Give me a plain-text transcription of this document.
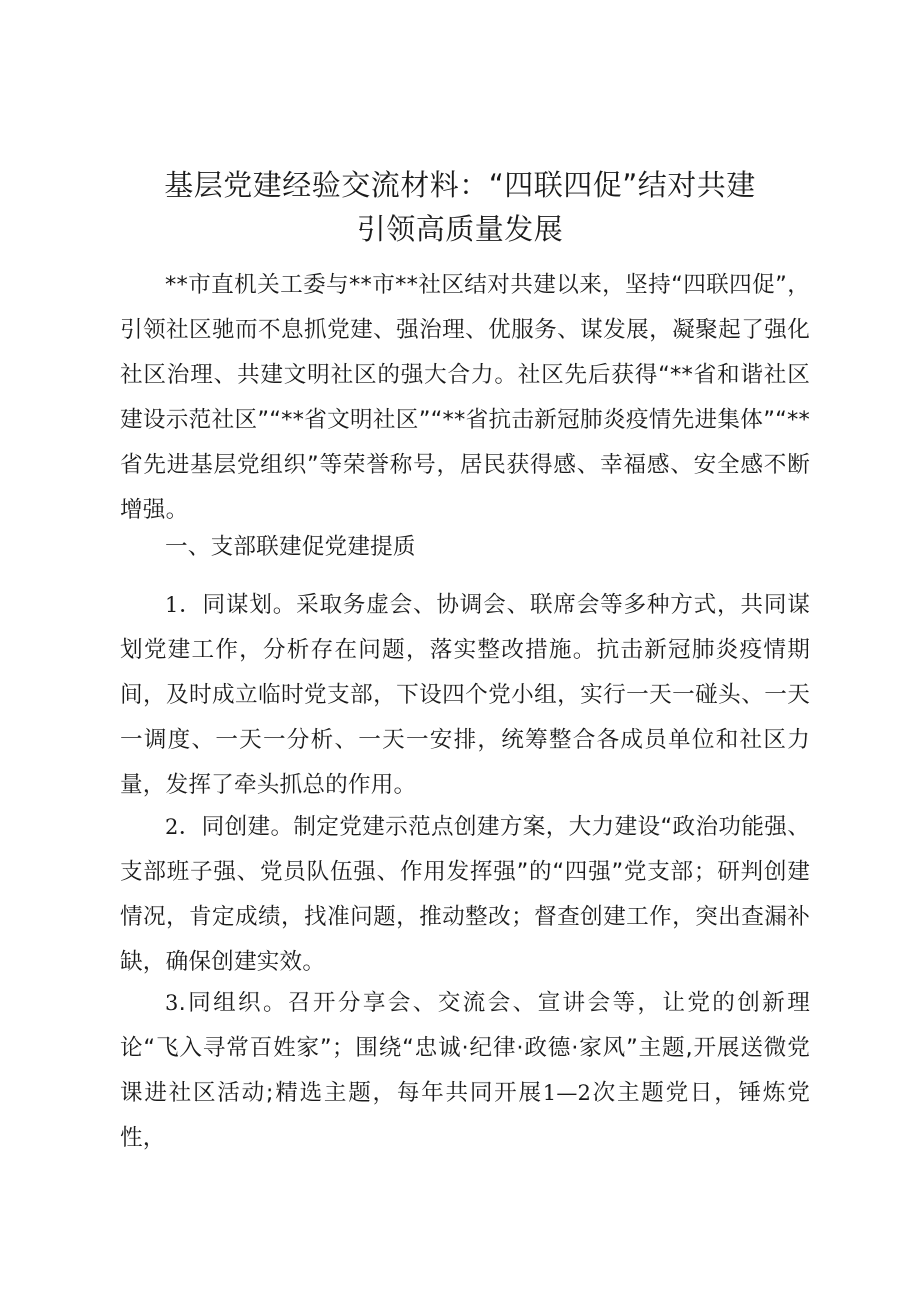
基层党建经验交流材料：“四联四促”结对共建
引领高质量发展

**市直机关工委与**市**社区结对共建以来，坚持“四联四促”，引领社区驰而不息抓党建、强治理、优服务、谋发展，凝聚起了强化社区治理、共建文明社区的强大合力。社区先后获得“**省和谐社区建设示范社区”“**省文明社区”“**省抗击新冠肺炎疫情先进集体”“**省先进基层党组织”等荣誉称号，居民获得感、幸福感、安全感不断增强。

一、支部联建促党建提质

1．同谋划。采取务虚会、协调会、联席会等多种方式，共同谋划党建工作，分析存在问题，落实整改措施。抗击新冠肺炎疫情期间，及时成立临时党支部，下设四个党小组，实行一天一碰头、一天一调度、一天一分析、一天一安排，统筹整合各成员单位和社区力量，发挥了牵头抓总的作用。

2．同创建。制定党建示范点创建方案，大力建设“政治功能强、支部班子强、党员队伍强、作用发挥强”的“四强”党支部；研判创建情况，肯定成绩，找准问题，推动整改；督查创建工作，突出查漏补缺，确保创建实效。

3.同组织。召开分享会、交流会、宣讲会等，让党的创新理论“飞入寻常百姓家”；围绕“忠诚·纪律·政德·家风”主题,开展送微党课进社区活动;精选主题，每年共同开展1—2次主题党日，锤炼党性，
